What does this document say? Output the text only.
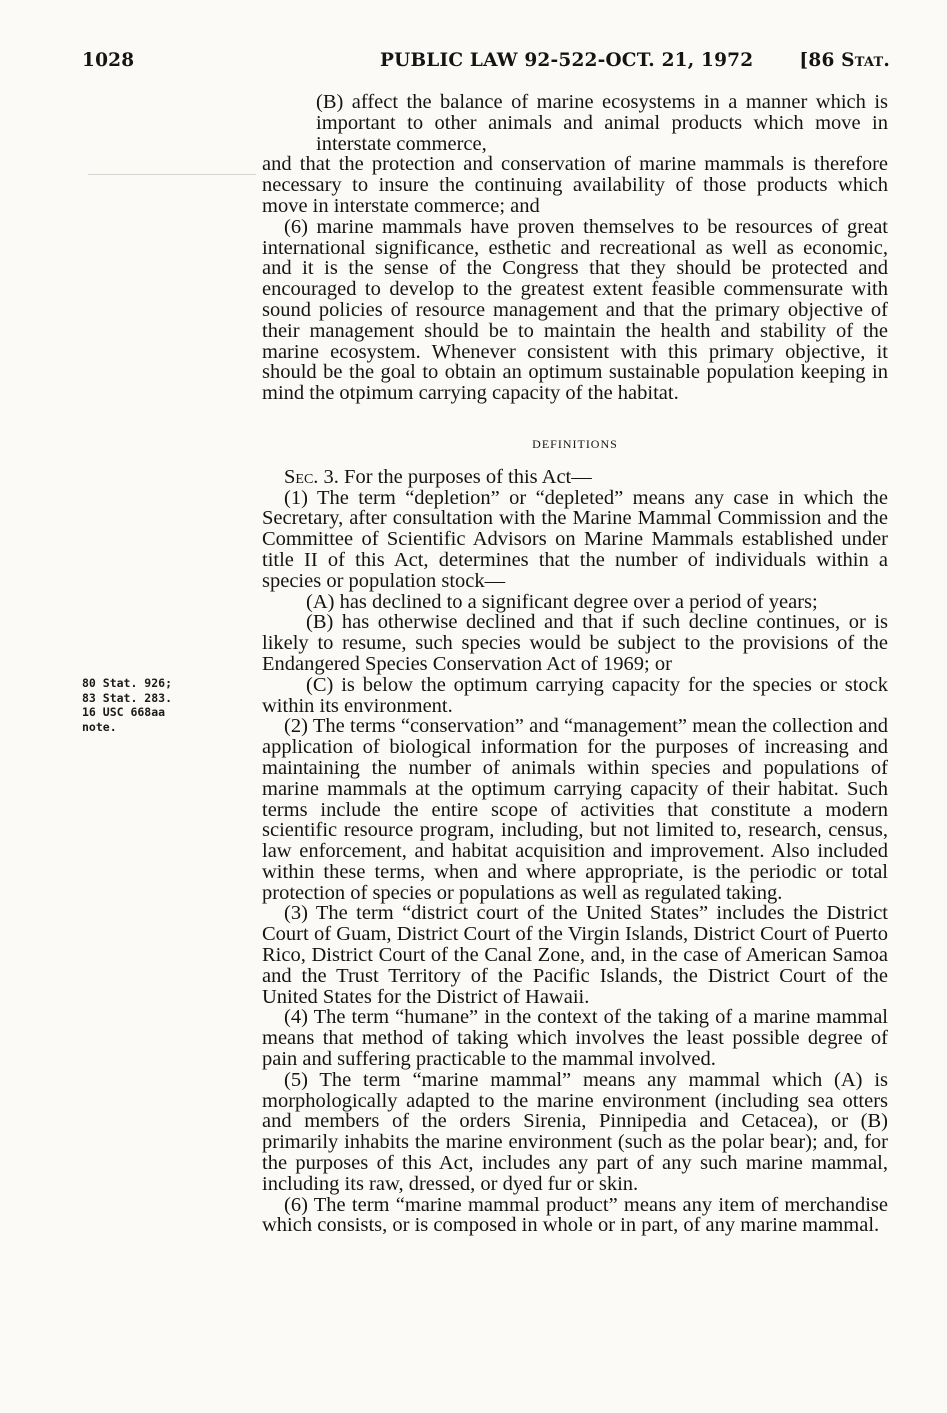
1028	PUBLIC LAW 92-522-OCT. 21, 1972 [86 Stat.
80 Stat. 926;
83 Stat. 283.
16 USC 668aa
note.

(B) affect the balance of marine ecosystems in a manner which is important to other animals and animal products which move in interstate commerce,

and that the protection and conservation of marine mammals is therefore necessary to insure the continuing availability of those products which move in interstate commerce; and

(6) marine mammals have proven themselves to be resources of great international significance, esthetic and recreational as well as economic, and it is the sense of the Congress that they should be protected and encouraged to develop to the greatest extent feasible commensurate with sound policies of resource management and that the primary objective of their management should be to maintain the health and stability of the marine ecosystem. Whenever consistent with this primary objective, it should be the goal to obtain an optimum sustainable population keeping in mind the otpimum carrying capacity of the habitat.

DEFINITIONS

Sec. 3. For the purposes of this Act—

(1) The term “depletion” or “depleted” means any case in which the Secretary, after consultation with the Marine Mammal Commission and the Committee of Scientific Advisors on Marine Mammals established under title II of this Act, determines that the number of individuals within a species or population stock—

(A) has declined to a significant degree over a period of years;

(B) has otherwise declined and that if such decline continues, or is likely to resume, such species would be subject to the provisions of the Endangered Species Conservation Act of 1969; or

(C) is below the optimum carrying capacity for the species or stock within its environment.

(2) The terms “conservation” and “management” mean the collection and application of biological information for the purposes of increasing and maintaining the number of animals within species and populations of marine mammals at the optimum carrying capacity of their habitat. Such terms include the entire scope of activities that constitute a modern scientific resource program, including, but not limited to, research, census, law enforcement, and habitat acquisition and improvement. Also included within these terms, when and where appropriate, is the periodic or total protection of species or populations as well as regulated taking.

(3) The term “district court of the United States” includes the District Court of Guam, District Court of the Virgin Islands, District Court of Puerto Rico, District Court of the Canal Zone, and, in the case of American Samoa and the Trust Territory of the Pacific Islands, the District Court of the United States for the District of Hawaii.

(4) The term “humane” in the context of the taking of a marine mammal means that method of taking which involves the least possible degree of pain and suffering practicable to the mammal involved.

(5) The term “marine mammal” means any mammal which (A) is morphologically adapted to the marine environment (including sea otters and members of the orders Sirenia, Pinnipedia and Cetacea), or (B) primarily inhabits the marine environment (such as the polar bear); and, for the purposes of this Act, includes any part of any such marine mammal, including its raw, dressed, or dyed fur or skin.

(6) The term “marine mammal product” means any item of merchandise which consists, or is composed in whole or in part, of any marine mammal.
